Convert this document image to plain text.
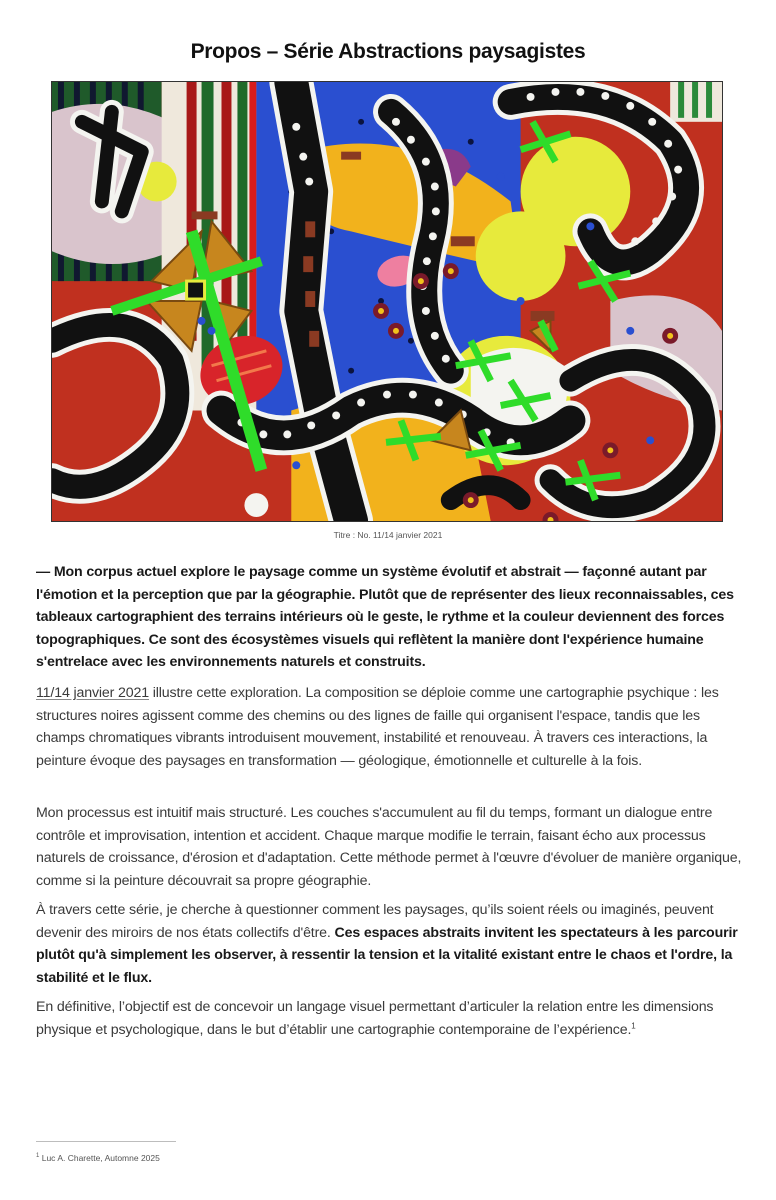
Propos – Série Abstractions paysagistes
Titre : No. 11/14 janvier 2021

— Mon corpus actuel explore le paysage comme un système évolutif et abstrait — façonné autant par l'émotion et la perception que par la géographie. Plutôt que de représenter des lieux reconnaissables, ces tableaux cartographient des terrains intérieurs où le geste, le rythme et la couleur deviennent des forces topographiques. Ce sont des écosystèmes visuels qui reflètent la manière dont l'expérience humaine s'entrelace avec les environnements naturels et construits.

11/14 janvier 2021 illustre cette exploration. La composition se déploie comme une cartographie psychique : les structures noires agissent comme des chemins ou des lignes de faille qui organisent l'espace, tandis que les champs chromatiques vibrants introduisent mouvement, instabilité et renouveau. À travers ces interactions, la peinture évoque des paysages en transformation — géologique, émotionnelle et culturelle à la fois.

Mon processus est intuitif mais structuré. Les couches s'accumulent au fil du temps, formant un dialogue entre contrôle et improvisation, intention et accident. Chaque marque modifie le terrain, faisant écho aux processus naturels de croissance, d'érosion et d'adaptation. Cette méthode permet à l'œuvre d'évoluer de manière organique, comme si la peinture découvrait sa propre géographie.

À travers cette série, je cherche à questionner comment les paysages, qu’ils soient réels ou imaginés, peuvent devenir des miroirs de nos états collectifs d'être. Ces espaces abstraits invitent les spectateurs à les parcourir plutôt qu'à simplement les observer, à ressentir la tension et la vitalité existant entre le chaos et l'ordre, la stabilité et le flux.

En définitive, l’objectif est de concevoir un langage visuel permettant d’articuler la relation entre les dimensions physique et psychologique, dans le but d’établir une cartographie contemporaine de l’expérience.$^1$

$^1$ Luc A. Charette, Automne 2025
